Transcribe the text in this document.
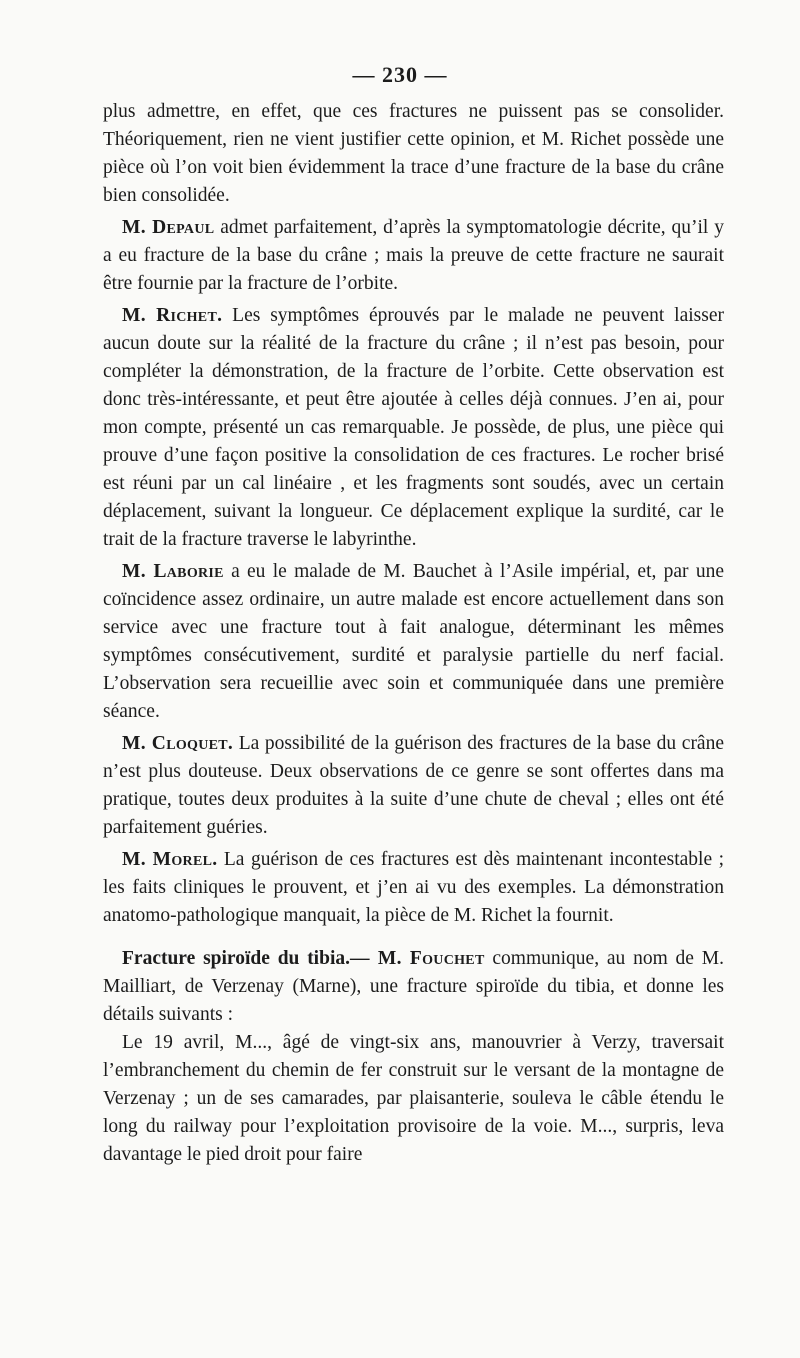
— 230 —

plus admettre, en effet, que ces fractures ne puissent pas se consolider. Théoriquement, rien ne vient justifier cette opinion, et M. Richet possède une pièce où l’on voit bien évidemment la trace d’une fracture de la base du crâne bien consolidée.

M. Depaul admet parfaitement, d’après la symptomatologie décrite, qu’il y a eu fracture de la base du crâne ; mais la preuve de cette fracture ne saurait être fournie par la fracture de l’orbite.

M. Richet. Les symptômes éprouvés par le malade ne peuvent laisser aucun doute sur la réalité de la fracture du crâne ; il n’est pas besoin, pour compléter la démonstration, de la fracture de l’orbite. Cette observation est donc très-intéressante, et peut être ajoutée à celles déjà connues. J’en ai, pour mon compte, présenté un cas remarquable. Je possède, de plus, une pièce qui prouve d’une façon positive la consolidation de ces fractures. Le rocher brisé est réuni par un cal linéaire , et les fragments sont soudés, avec un certain déplacement, suivant la longueur. Ce déplacement explique la surdité, car le trait de la fracture traverse le labyrinthe.

M. Laborie a eu le malade de M. Bauchet à l’Asile impérial, et, par une coïncidence assez ordinaire, un autre malade est encore actuellement dans son service avec une fracture tout à fait analogue, déterminant les mêmes symptômes consécutivement, surdité et paralysie partielle du nerf facial. L’observation sera recueillie avec soin et communiquée dans une première séance.

M. Cloquet. La possibilité de la guérison des fractures de la base du crâne n’est plus douteuse. Deux observations de ce genre se sont offertes dans ma pratique, toutes deux produites à la suite d’une chute de cheval ; elles ont été parfaitement guéries.

M. Morel. La guérison de ces fractures est dès maintenant incontestable ; les faits cliniques le prouvent, et j’en ai vu des exemples. La démonstration anatomo-pathologique manquait, la pièce de M. Richet la fournit.

Fracture spiroïde du tibia.— M. Fouchet communique, au nom de M. Mailliart, de Verzenay (Marne), une fracture spiroïde du tibia, et donne les détails suivants :

Le 19 avril, M..., âgé de vingt-six ans, manouvrier à Verzy, traversait l’embranchement du chemin de fer construit sur le versant de la montagne de Verzenay ; un de ses camarades, par plaisanterie, souleva le câble étendu le long du railway pour l’exploitation provisoire de la voie. M..., surpris, leva davantage le pied droit pour faire
